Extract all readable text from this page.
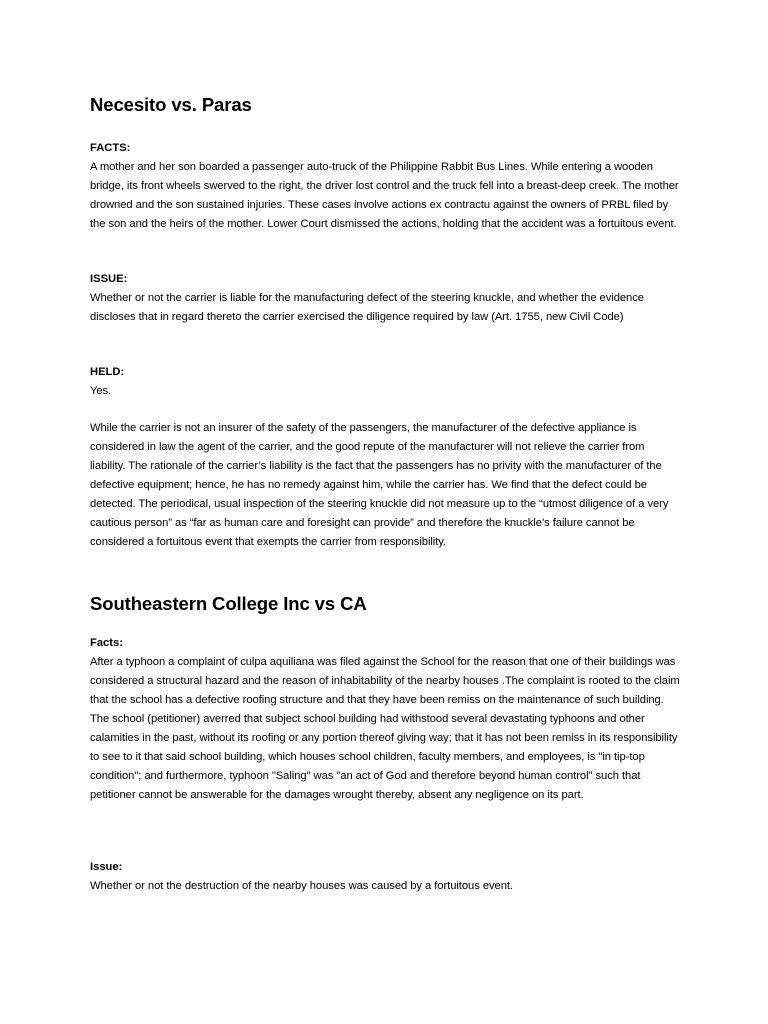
Necesito vs. Paras

FACTS:

A mother and her son boarded a passenger auto-truck of the Philippine Rabbit Bus Lines. While entering a wooden bridge, its front wheels swerved to the right, the driver lost control and the truck fell into a breast-deep creek. The mother drowned and the son sustained injuries. These cases involve actions ex contractu against the owners of PRBL filed by the son and the heirs of the mother. Lower Court dismissed the actions, holding that the accident was a fortuitous event.

ISSUE:

Whether or not the carrier is liable for the manufacturing defect of the steering knuckle, and whether the evidence discloses that in regard thereto the carrier exercised the diligence required by law (Art. 1755, new Civil Code)

HELD:

Yes.

While the carrier is not an insurer of the safety of the passengers, the manufacturer of the defective appliance is considered in law the agent of the carrier, and the good repute of the manufacturer will not relieve the carrier from liability. The rationale of the carrier’s liability is the fact that the passengers has no privity with the manufacturer of the defective equipment; hence, he has no remedy against him, while the carrier has. We find that the defect could be detected. The periodical, usual inspection of the steering knuckle did not measure up to the “utmost diligence of a very cautious person” as “far as human care and foresight can provide” and therefore the knuckle’s failure cannot be considered a fortuitous event that exempts the carrier from responsibility.

Southeastern College Inc vs CA

Facts:

After a typhoon a complaint of culpa aquiliana was filed against the School for the reason that one of their buildings was considered a structural hazard and the reason of inhabitability of the nearby houses .The complaint is rooted to the claim that the school has a defective roofing structure and that they have been remiss on the maintenance of such building. The school (petitioner) averred that subject school building had withstood several devastating typhoons and other calamities in the past, without its roofing or any portion thereof giving way; that it has not been remiss in its responsibility to see to it that said school building, which houses school children, faculty members, and employees, is "in tip-top condition"; and furthermore, typhoon "Saling" was "an act of God and therefore beyond human control" such that petitioner cannot be answerable for the damages wrought thereby, absent any negligence on its part.

Issue:

Whether or not the destruction of the nearby houses was caused by a fortuitous event.
